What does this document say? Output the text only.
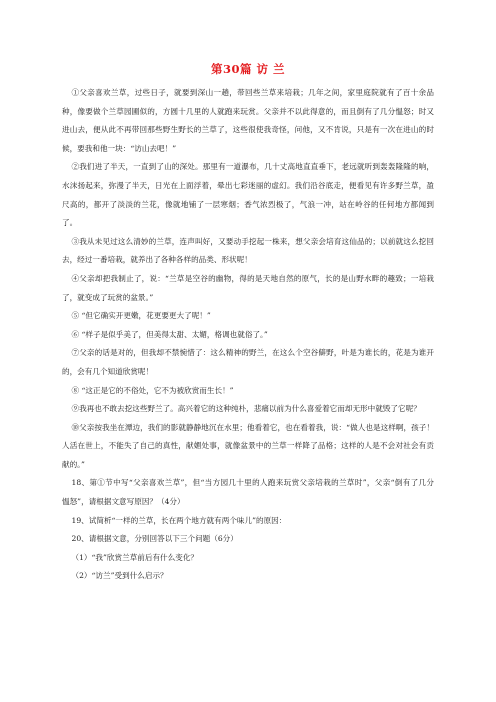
第30篇 访 兰

①父亲喜欢兰草，过些日子，就要到深山一趟，带回些兰草来培栽；几年之间，家里庭院就有了百十余品种，像要做个兰草园圃似的，方圆十几里的人就跑来玩赏。父亲并不以此得意的，而且倒有了几分愠怒；时又进山去，便从此不再带回那些野生野长的兰草了，这些很使我奇怪，问他，又不肯说，只是有一次在进山的时候，要我和他一块：“访山去吧！”

②我们进了半天，一直到了山的深处。那里有一道瀑布，几十丈高地直直垂下，老远就听到轰轰隆隆的响，水沫扬起来，弥漫了半天，日光在上面浮着，晕出七彩迷丽的虚幻。我们沿谷底走，便看见有许多野兰草，盈尺高的，都开了淡淡的兰花，像就地铺了一层寒烟；香气浓烈极了，气浪一冲，站在岭谷的任何地方都闻到了。

③我从未见过这么清妙的兰草，连声叫好，又要动手挖起一株来，想父亲会培育这仙品的；以前就这么挖回去，经过一番培栽，就养出了各种各样的品类、形状呢！

④父亲却把我制止了，说：“兰草是空谷的幽物，得的是天地自然的原气，长的是山野水畔的趣致；一培栽了，就变成了玩赏的盆景。”

⑤ “但它确实开更嫩，花更要更大了呢！”

⑥ “样子是似乎美了，但美得太甜、太媚，格调也就俗了。”

⑦父亲的话是对的，但我却不禁惋惜了：这么精神的野兰，在这么个空谷僻野，叶是为谁长的，花是为谁开的，会有几个知道欣赏呢！

⑧ “这正是它的不俗处，它不为被欣赏而生长！”

⑨我再也不敢去挖这些野兰了。高兴着它的这种纯朴，悲痛以前为什么喜爱着它而却无形中就毁了它呢？

⑩父亲按我坐在潭边，我们的影就静静地沉在水里；他看着它，也在看着我，说：“做人也是这样啊，孩子！人活在世上，不能失了自己的真性，献媚处事，就像盆景中的兰草一样降了品格；这样的人是不会对社会有贡献的。”

18、第①节中写“父亲喜欢兰草”，但“当方园几十里的人跑来玩赏父亲培栽的兰草时”，父亲“倒有了几分　　愠怒”，请根据文意写原因？（4分）

19、试简析“一样的兰草，长在两个地方就有两个味儿”的原因：

20、请根据文意，分别回答以下三个问题（6分）

（1）“我”欣赏兰草前后有什么变化？

（2）“访兰”受到什么启示？
